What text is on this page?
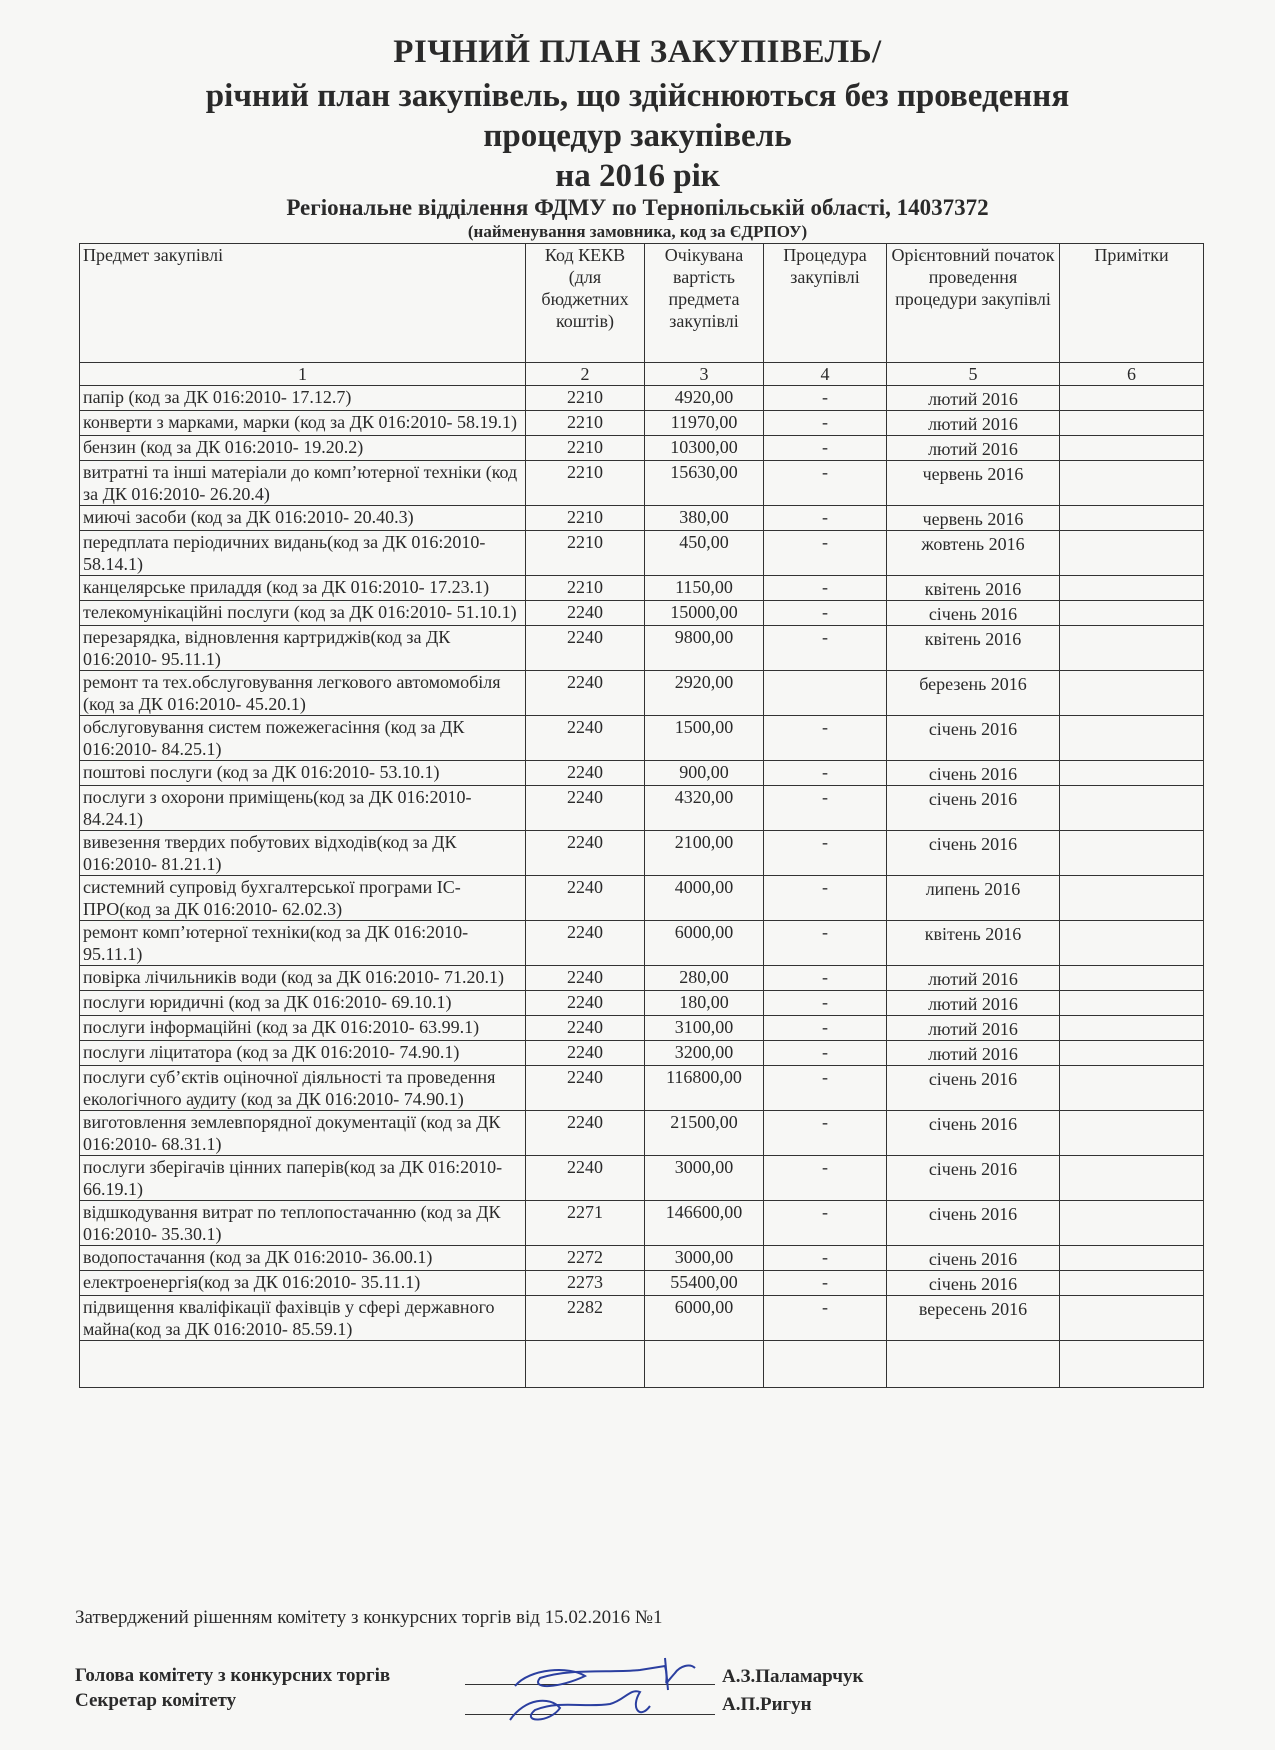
РІЧНИЙ ПЛАН ЗАКУПІВЕЛЬ/
річний план закупівель, що здійснюються без проведення
процедур закупівель
на 2016 рік
Регіональне відділення ФДМУ по Тернопільській області, 14037372
(найменування замовника, код за ЄДРПОУ)
Предмет закупівлі	Код КЕКВ (для бюджетних коштів)	Очікувана вартість предмета закупівлі	Процедура закупівлі	Орієнтовний початок проведення процедури закупівлі	Примітки
1	2	3	4	5	6
папір (код за ДК 016:2010- 17.12.7)	2210	4920,00	-	лютий 2016	
конверти з марками, марки (код за ДК 016:2010- 58.19.1)	2210	11970,00	-	лютий 2016	
бензин (код за ДК 016:2010- 19.20.2)	2210	10300,00	-	лютий 2016	
витратні та інші матеріали до комп’ютерної техніки (код за ДК 016:2010- 26.20.4)	2210	15630,00	-	червень 2016	
миючі засоби (код за ДК 016:2010- 20.40.3)	2210	380,00	-	червень 2016	
передплата періодичних видань(код за ДК 016:2010- 58.14.1)	2210	450,00	-	жовтень 2016	
канцелярське приладдя (код за ДК 016:2010- 17.23.1)	2210	1150,00	-	квітень 2016	
телекомунікаційні послуги (код за ДК 016:2010- 51.10.1)	2240	15000,00	-	січень 2016	
перезарядка, відновлення картриджів(код за ДК 016:2010- 95.11.1)	2240	9800,00	-	квітень 2016	
ремонт та тех.обслуговування легкового автомомобіля (код за ДК 016:2010- 45.20.1)	2240	2920,00		березень 2016	
обслуговування систем пожежегасіння (код за ДК 016:2010- 84.25.1)	2240	1500,00	-	січень 2016	
поштові послуги (код за ДК 016:2010- 53.10.1)	2240	900,00	-	січень 2016	
послуги з охорони приміщень(код за ДК 016:2010- 84.24.1)	2240	4320,00	-	січень 2016	
вивезення твердих побутових відходів(код за ДК 016:2010- 81.21.1)	2240	2100,00	-	січень 2016	
системний супровід бухгалтерської програми ІС-ПРО(код за ДК 016:2010- 62.02.3)	2240	4000,00	-	липень 2016	
ремонт комп’ютерної техніки(код за ДК 016:2010- 95.11.1)	2240	6000,00	-	квітень 2016	
повірка лічильників води (код за ДК 016:2010- 71.20.1)	2240	280,00	-	лютий 2016	
послуги юридичні (код за ДК 016:2010- 69.10.1)	2240	180,00	-	лютий 2016	
послуги інформаційні (код за ДК 016:2010- 63.99.1)	2240	3100,00	-	лютий 2016	
послуги ліцитатора (код за ДК 016:2010- 74.90.1)	2240	3200,00	-	лютий 2016	
послуги суб’єктів оціночної діяльності та проведення екологічного аудиту (код за ДК 016:2010- 74.90.1)	2240	116800,00	-	січень 2016	
виготовлення землевпорядної документації (код за ДК 016:2010- 68.31.1)	2240	21500,00	-	січень 2016	
послуги зберігачів цінних паперів(код за ДК 016:2010- 66.19.1)	2240	3000,00	-	січень 2016	
відшкодування витрат по теплопостачанню (код за ДК 016:2010- 35.30.1)	2271	146600,00	-	січень 2016	
водопостачання (код за ДК 016:2010- 36.00.1)	2272	3000,00	-	січень 2016	
електроенергія(код за ДК 016:2010- 35.11.1)	2273	55400,00	-	січень 2016	
підвищення кваліфікації фахівців у сфері державного майна(код за ДК 016:2010- 85.59.1)	2282	6000,00	-	вересень 2016	

Затверджений рішенням комітету з конкурсних торгів від 15.02.2016 №1
Голова комітету з конкурсних торгів	А.З.Паламарчук
Секретар комітету	А.П.Ригун
